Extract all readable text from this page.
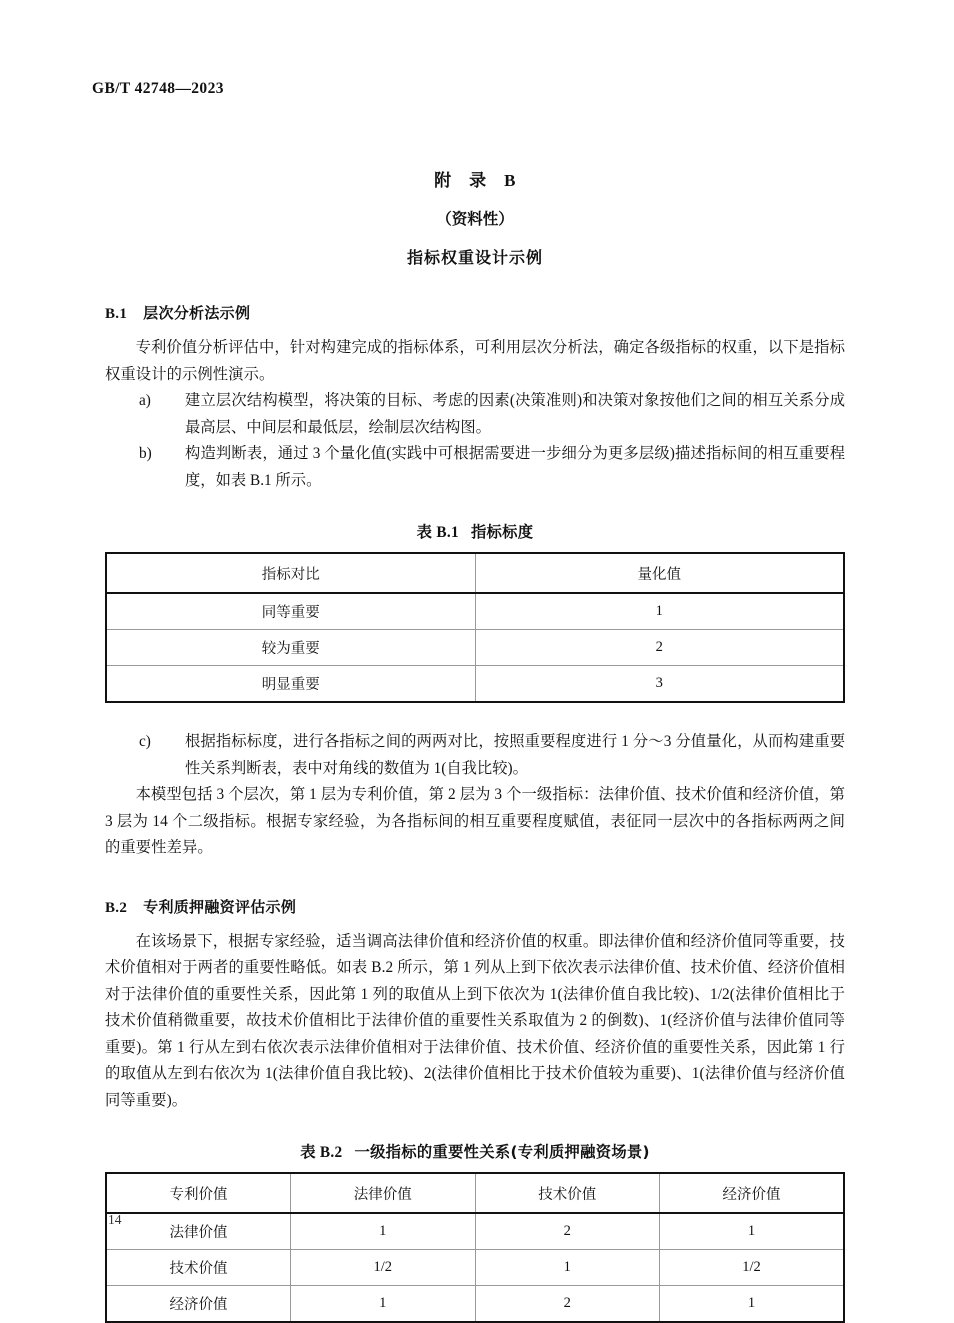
GB/T 42748—2023
附　录　B
（资料性）
指标权重设计示例
B.1 层次分析法示例

专利价值分析评估中，针对构建完成的指标体系，可利用层次分析法，确定各级指标的权重，以下是指标权重设计的示例性演示。

a)	建立层次结构模型，将决策的目标、考虑的因素(决策准则)和决策对象按他们之间的相互关系分成最高层、中间层和最低层，绘制层次结构图。
b)	构造判断表，通过 3 个量化值(实践中可根据需要进一步细分为更多层级)描述指标间的相互重要程度，如表 B.1 所示。
表 B.1 指标标度
指标对比	量化值
同等重要	1
较为重要	2
明显重要	3
c)	根据指标标度，进行各指标之间的两两对比，按照重要程度进行 1 分～3 分值量化，从而构建重要性关系判断表，表中对角线的数值为 1(自我比较)。

本模型包括 3 个层次，第 1 层为专利价值，第 2 层为 3 个一级指标：法律价值、技术价值和经济价值，第 3 层为 14 个二级指标。根据专家经验，为各指标间的相互重要程度赋值，表征同一层次中的各指标两两之间的重要性差异。

B.2 专利质押融资评估示例

在该场景下，根据专家经验，适当调高法律价值和经济价值的权重。即法律价值和经济价值同等重要，技术价值相对于两者的重要性略低。如表 B.2 所示，第 1 列从上到下依次表示法律价值、技术价值、经济价值相对于法律价值的重要性关系，因此第 1 列的取值从上到下依次为 1(法律价值自我比较)、1/2(法律价值相比于技术价值稍微重要，故技术价值相比于法律价值的重要性关系取值为 2 的倒数)、1(经济价值与法律价值同等重要)。第 1 行从左到右依次表示法律价值相对于法律价值、技术价值、经济价值的重要性关系，因此第 1 行的取值从左到右依次为 1(法律价值自我比较)、2(法律价值相比于技术价值较为重要)、1(法律价值与经济价值同等重要)。

表 B.2 一级指标的重要性关系(专利质押融资场景)
专利价值	法律价值	技术价值	经济价值
法律价值	1	2	1
技术价值	1/2	1	1/2
经济价值	1	2	1
14
